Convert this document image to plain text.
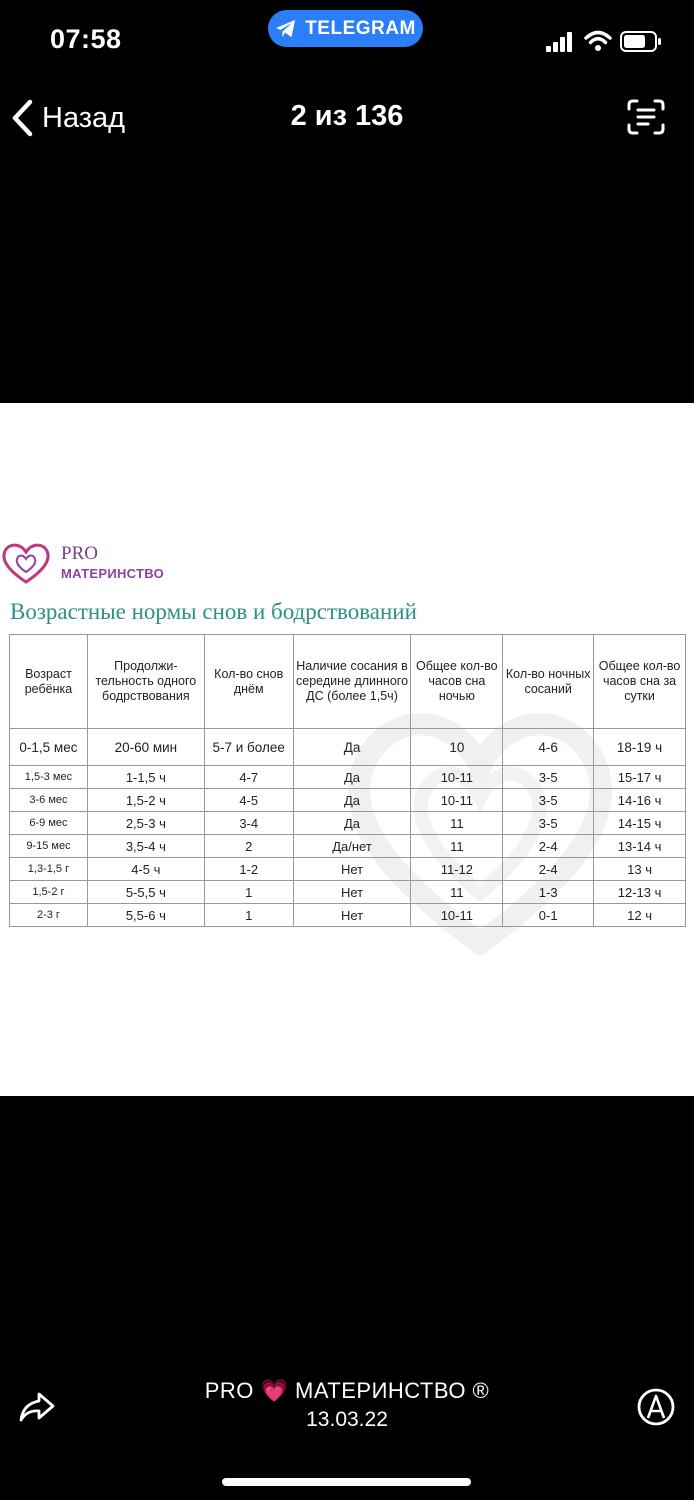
07:58	TELEGRAM
Назад	2 из 136
PRO
МАТЕРИНСТВО
Возрастные нормы снов и бодрствований
Возраст ребёнка	Продолжи-тельность одного бодрствования	Кол-во снов днём	Наличие сосания в середине длинного ДС (более 1,5ч)	Общее кол-во часов сна ночью	Кол-во ночных сосаний	Общее кол-во часов сна за сутки
0-1,5 мес	20-60 мин	5-7 и более	Да	10	4-6	18-19 ч
1,5-3 мес	1-1,5 ч	4-7	Да	10-11	3-5	15-17 ч
3-6 мес	1,5-2 ч	4-5	Да	10-11	3-5	14-16 ч
6-9 мес	2,5-3 ч	3-4	Да	11	3-5	14-15 ч
9-15 мес	3,5-4 ч	2	Да/нет	11	2-4	13-14 ч
1,3-1,5 г	4-5 ч	1-2	Нет	11-12	2-4	13 ч
1,5-2 г	5-5,5 ч	1	Нет	11	1-3	12-13 ч
2-3 г	5,5-6 ч	1	Нет	10-11	0-1	12 ч
PRO 💗 МАТЕРИНСТВО ®
13.03.22
